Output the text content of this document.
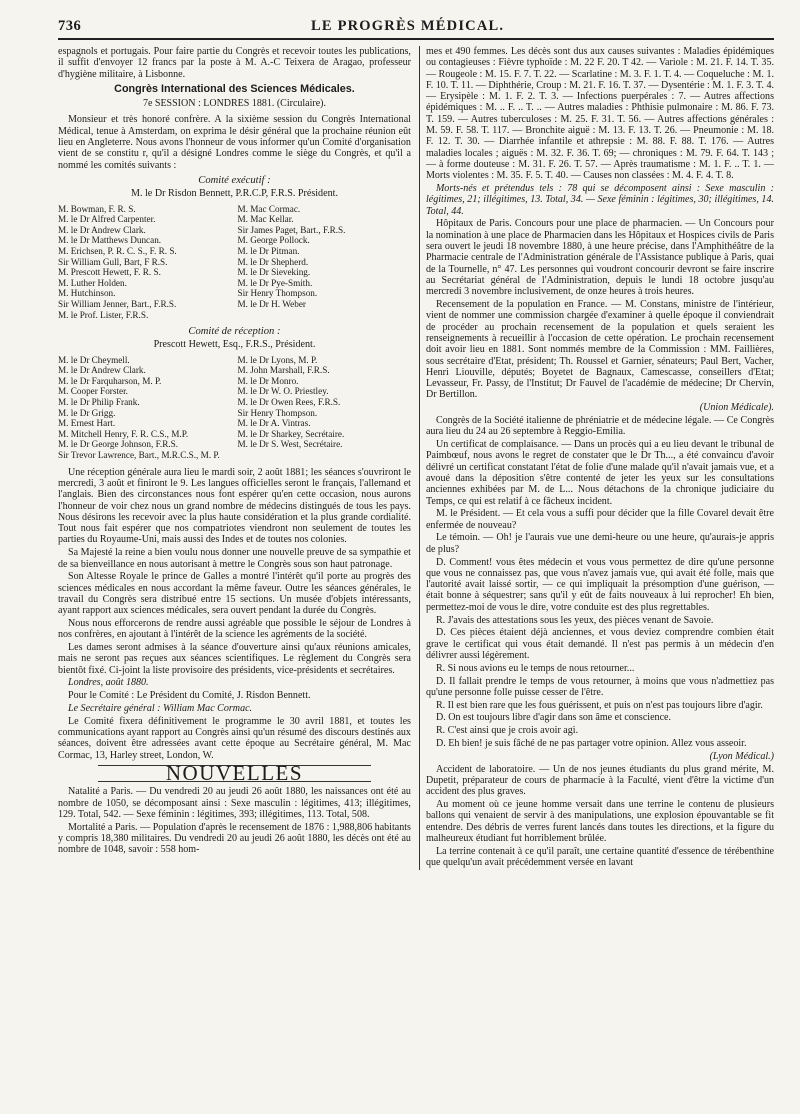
736	LE PROGRÈS MÉDICAL.

espagnols et portugais. Pour faire partie du Congrès et recevoir toutes les publications, il suffit d'envoyer 12 francs par la poste à M. A.-C Teixera de Aragao, professeur d'hygiène militaire, à Lisbonne.

Congrès International des Sciences Médicales.
7e SESSION : LONDRES 1881. (Circulaire).

Monsieur et très honoré confrère. A la sixième session du Congrès International Médical, tenue à Amsterdam, on exprima le désir général que la prochaine réunion eût lieu en Angleterre. Nous avons l'honneur de vous informer qu'un Comité d'organisation vient de se constitu r, qu'il a désigné Londres comme le siège du Congrès, et qu'il a nommé les comités suivants :

Comité exécutif :
M. le Dr Risdon Bennett, P.R.C.P, F.R.S. Président.
M. Bowman, F. R. S.
M. le Dr Alfred Carpenter.
M. le Dr Andrew Clark.
M. le Dr Matthews Duncan.
M. Erichsen, P. R. C. S., F. R. S.
Sir William Gull, Bart, F R.S.
M. Prescott Hewett, F. R. S.
M. Luther Holden.
M. Hutchinson.
Sir William Jenner, Bart., F.R.S.
M. le Prof. Lister, F.R.S.
M. Mac Cormac.
M. Mac Kellar.
Sir James Paget, Bart., F.R.S.
M. George Pollock.
M. le Dr Pitman.
M. le Dr Shepherd.
M. le Dr Sieveking.
M. le Dr Pye-Smith.
Sir Henry Thompson.
M. le Dr H. Weber
Comité de réception :
Prescott Hewett, Esq., F.R.S., Président.
M. le Dr Cheymell.
M. le Dr Andrew Clark.
M. le Dr Farquharson, M. P.
M. Cooper Forster.
M. le Dr Philip Frank.
M. le Dr Grigg.
M. Ernest Hart.
M. Mitchell Henry, F. R. C.S., M.P.
M. le Dr George Johnson, F.R.S.
Sir Trevor Lawrence, Bart., M.R.C.S., M. P.
M. le Dr Lyons, M. P.
M. John Marshall, F.R.S.
M. le Dr Monro.
M. le Dr W. O. Priestley.
M. le Dr Owen Rees, F.R.S.
Sir Henry Thompson.
M. le Dr A. Vintras.
M. le Dr Sharkey, Secrétaire.
M. le Dr S. West, Secrétaire.

Une réception générale aura lieu le mardi soir, 2 août 1881; les séances s'ouvriront le mercredi, 3 août et finiront le 9. Les langues officielles seront le français, l'allemand et l'anglais. Bien des circonstances nous font espérer qu'en cette occasion, nous aurons l'honneur de voir chez nous un grand nombre de médecins distingués de tous les pays. Nous désirons les recevoir avec la plus haute considération et la plus grande cordialité. Tout nous fait espérer que nos compatriotes viendront non seulement de toutes les parties du Royaume-Uni, mais aussi des Indes et de toutes nos colonies.

Sa Majesté la reine a bien voulu nous donner une nouvelle preuve de sa sympathie et de sa bienveillance en nous autorisant à mettre le Congrès sous son haut patronage.

Son Altesse Royale le prince de Galles a montré l'intérêt qu'il porte au progrès des sciences médicales en nous accordant la même faveur. Outre les séances générales, le travail du Congrès sera distribué entre 15 sections. Un musée d'objets intéressants, ayant rapport aux sciences médicales, sera ouvert pendant la durée du Congrès.

Nous nous efforcerons de rendre aussi agréable que possible le séjour de Londres à nos confrères, en ajoutant à l'intérêt de la science les agréments de la société.

Les dames seront admises à la séance d'ouverture ainsi qu'aux réunions amicales, mais ne seront pas reçues aux séances scientifiques. Le règlement du Congrès sera bientôt fixé. Ci-joint la liste provisoire des présidents, vice-présidents et secrétaires.

Londres, août 1880.

Pour le Comité : Le Président du Comité, J. Risdon Bennett.

Le Secrétaire général : William Mac Cormac.

Le Comité fixera définitivement le programme le 30 avril 1881, et toutes les communications ayant rapport au Congrès ainsi qu'un résumé des discours destinés aux séances, doivent être adressées avant cette époque au Secrétaire général, M. Mac Cormac, 13, Harley street, London, W.

NOUVELLES

Natalité a Paris. — Du vendredi 20 au jeudi 26 août 1880, les naissances ont été au nombre de 1050, se décomposant ainsi : Sexe masculin : légitimes, 413; illégitimes, 129. Total, 542. — Sexe féminin : légitimes, 393; illégitimes, 113. Total, 508.

Mortalité a Paris. — Population d'après le recensement de 1876 : 1,988,806 habitants y compris 18,380 militaires. Du vendredi 20 au jeudi 26 août 1880, les décès ont été au nombre de 1048, savoir : 558 hom-

mes et 490 femmes. Les décès sont dus aux causes suivantes : Maladies épidémiques ou contagieuses : Fièvre typhoïde : M. 22 F. 20. T 42. — Variole : M. 21. F. 14. T. 35. — Rougeole : M. 15. F. 7. T. 22. — Scarlatine : M. 3. F. 1. T. 4. — Coqueluche : M. 1. F. 10. T. 11. — Diphthérie, Croup : M. 21. F. 16. T. 37. — Dysentérie : M. 1. F. 3. T. 4. — Erysipèle : M. 1. F. 2. T. 3. — Infections puerpérales : 7. — Autres affections épidémiques : M. .. F. .. T. .. — Autres maladies : Phthisie pulmonaire : M. 86. F. 73. T. 159. — Autres tuberculoses : M. 25. F. 31. T. 56. — Autres affections générales : M. 59. F. 58. T. 117. — Bronchite aiguë : M. 13. F. 13. T. 26. — Pneumonie : M. 18. F. 12. T. 30. — Diarrhée infantile et athrepsie : M. 88. F. 88. T. 176. — Autres maladies locales ; aiguës : M. 32. F. 36. T. 69; — chroniques : M. 79. F. 64. T. 143 ; — à forme douteuse : M. 31. F. 26. T. 57. — Après traumatisme : M. 1. F. .. T. 1. — Morts violentes : M. 35. F. 5. T. 40. — Causes non classées : M. 4. F. 4. T. 8.

Morts-nés et prétendus tels : 78 qui se décomposent ainsi : Sexe masculin : légitimes, 21; illégitimes, 13. Total, 34. — Sexe féminin : légitimes, 30; illégitimes, 14. Total, 44.

Hôpitaux de Paris. Concours pour une place de pharmacien. — Un Concours pour la nomination à une place de Pharmacien dans les Hôpitaux et Hospices civils de Paris sera ouvert le jeudi 18 novembre 1880, à une heure précise, dans l'Amphithéâtre de la Pharmacie centrale de l'Administration générale de l'Assistance publique à Paris, quai de la Tournelle, n° 47. Les personnes qui voudront concourir devront se faire inscrire au Secrétariat général de l'Administration, depuis le lundi 18 octobre jusqu'au mercredi 3 novembre inclusivement, de onze heures à trois heures.

Recensement de la population en France. — M. Constans, ministre de l'intérieur, vient de nommer une commission chargée d'examiner à quelle époque il conviendrait de procéder au prochain recensement de la population et quels seraient les renseignements à recueillir à l'occasion de cette opération. Le prochain recensement doit avoir lieu en 1881. Sont nommés membre de la Commission : MM. Faillières, sous secrétaire d'Etat, président; Th. Roussel et Garnier, sénateurs; Paul Bert, Vacher, Henri Liouville, députés; Boyetet de Bagnaux, Camescasse, conseillers d'Etat; Levasseur, Fr. Passy, de l'Institut; Dr Fauvel de l'académie de médecine; Dr Chervin, Dr Bertillon.

(Union Médicale).

Congrès de la Société italienne de phréniatrie et de médecine légale. — Ce Congrès aura lieu du 24 au 26 septembre à Reggio-Emilia.

Un certificat de complaisance. — Dans un procès qui a eu lieu devant le tribunal de Paimbœuf, nous avons le regret de constater que le Dr Th..., a été convaincu d'avoir délivré un certificat constatant l'état de folie d'une malade qu'il n'avait jamais vue, et a avoué dans la déposition s'être contenté de jeter les yeux sur les consultations anciennes exhibées par M. de L... Nous détachons de la chronique judiciaire du Temps, ce qui est relatif à ce fâcheux incident.

M. le Président. — Et cela vous a suffi pour décider que la fille Covarel devait être enfermée de nouveau?

Le témoin. — Oh! je l'aurais vue une demi-heure ou une heure, qu'aurais-je appris de plus?

D. Comment! vous êtes médecin et vous vous permettez de dire qu'une personne que vous ne connaissez pas, que vous n'avez jamais vue, qui avait été folle, mais que l'autorité avait laissé sortir, — ce qui impliquait la présomption d'une guérison, — était bonne à séquestrer; sans qu'il y eût de faits nouveaux à lui reprocher! Eh bien, permettez-moi de vous le dire, votre conduite est des plus regrettables.

R. J'avais des attestations sous les yeux, des pièces venant de Savoie.

D. Ces pièces étaient déjà anciennes, et vous deviez comprendre combien était grave le certificat qui vous était demandé. Il n'est pas permis à un médecin d'en délivrer aussi légèrement.

R. Si nous avions eu le temps de nous retourner...

D. Il fallait prendre le temps de vous retourner, à moins que vous n'admettiez pas qu'une personne folle puisse cesser de l'être.

R. Il est bien rare que les fous guérissent, et puis on n'est pas toujours libre d'agir.

D. On est toujours libre d'agir dans son âme et conscience.

R. C'est ainsi que je crois avoir agi.

D. Eh bien! je suis fâché de ne pas partager votre opinion. Allez vous asseoir.

(Lyon Médical.)

Accident de laboratoire. — Un de nos jeunes étudiants du plus grand mérite, M. Dupetit, préparateur de cours de pharmacie à la Faculté, vient d'être la victime d'un accident des plus graves.

Au moment où ce jeune homme versait dans une terrine le contenu de plusieurs ballons qui venaient de servir à des manipulations, une explosion épouvantable se fit entendre. Des débris de verres furent lancés dans toutes les directions, et la figure du malheureux étudiant fut horriblement brûlée.

La terrine contenait à ce qu'il paraît, une certaine quantité d'essence de térébenthine que quelqu'un avait précédemment versée en lavant
